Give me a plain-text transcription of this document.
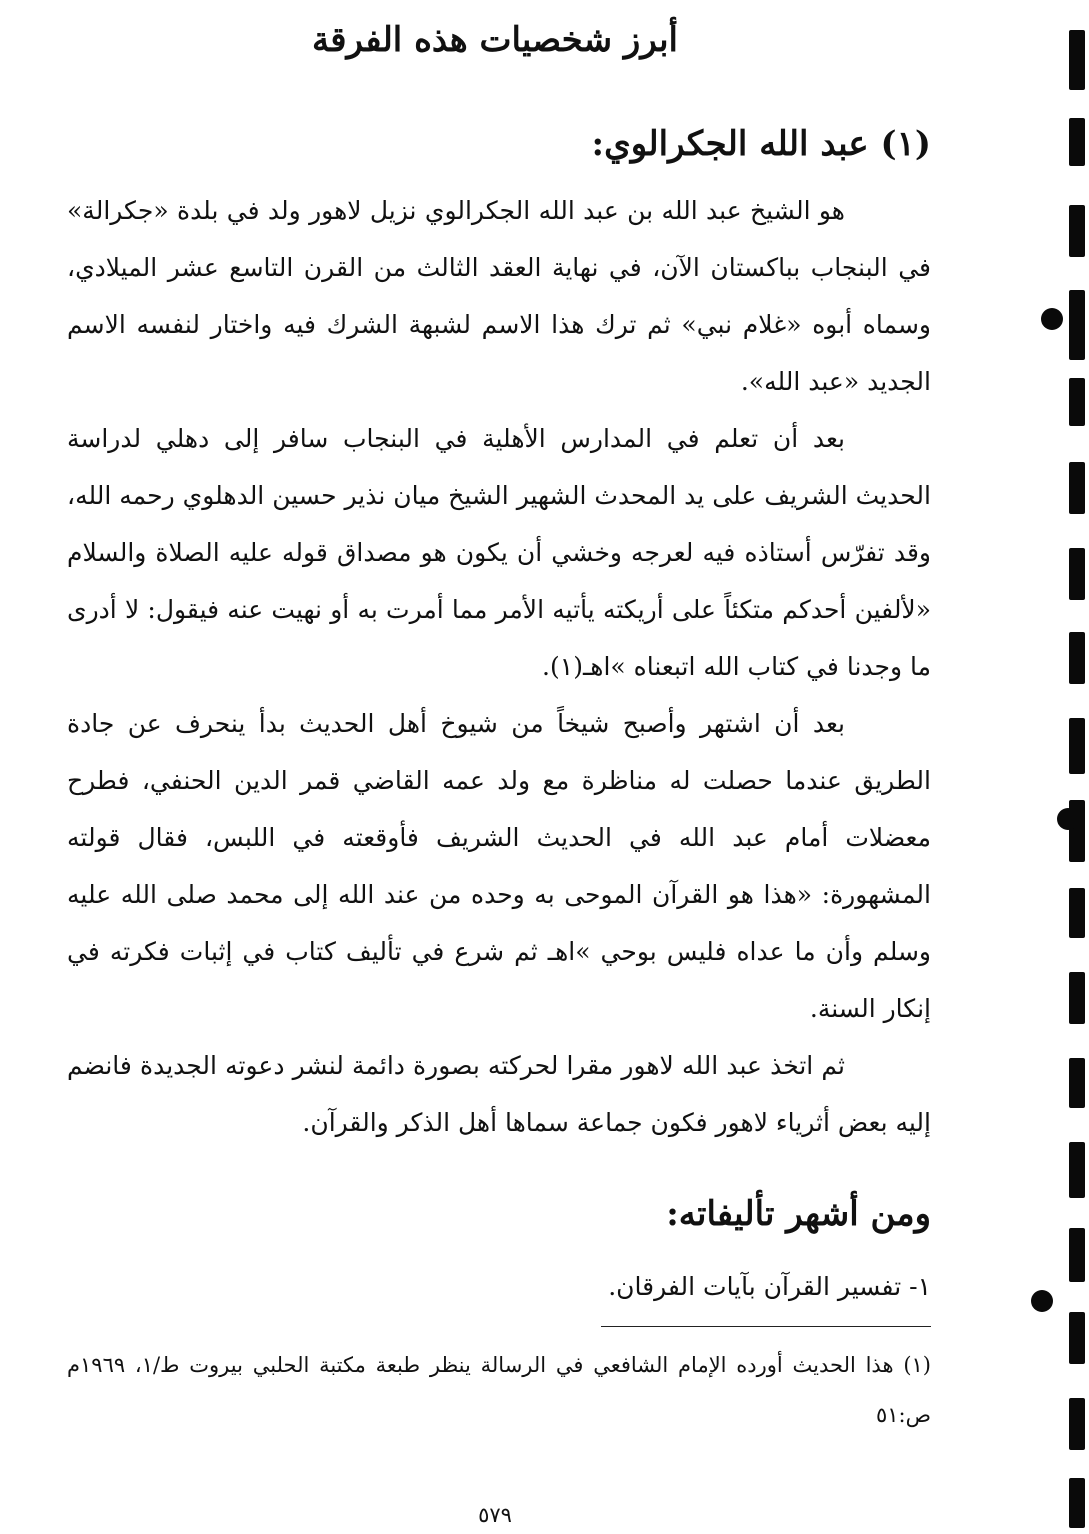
أبرز شخصيات هذه الفرقة
(١) عبد الله الجكرالوي:

هو الشيخ عبد الله بن عبد الله الجكرالوي نزيل لاهور ولد في بلدة «جكرالة» في البنجاب بباكستان الآن، في نهاية العقد الثالث من القرن التاسع عشر الميلادي، وسماه أبوه «غلام نبي» ثم ترك هذا الاسم لشبهة الشرك فيه واختار لنفسه الاسم الجديد «عبد الله».

بعد أن تعلم في المدارس الأهلية في البنجاب سافر إلى دهلي لدراسة الحديث الشريف على يد المحدث الشهير الشيخ ميان نذير حسين الدهلوي رحمه الله، وقد تفرّس أستاذه فيه لعرجه وخشي أن يكون هو مصداق قوله عليه الصلاة والسلام «لألفين أحدكم متكئاً على أريكته يأتيه الأمر مما أمرت به أو نهيت عنه فيقول: لا أدرى ما وجدنا في كتاب الله اتبعناه »اهـ(١).

بعد أن اشتهر وأصبح شيخاً من شيوخ أهل الحديث بدأ ينحرف عن جادة الطريق عندما حصلت له مناظرة مع ولد عمه القاضي قمر الدين الحنفي، فطرح معضلات أمام عبد الله في الحديث الشريف فأوقعته في اللبس، فقال قولته المشهورة: «هذا هو القرآن الموحى به وحده من عند الله إلى محمد صلى الله عليه وسلم وأن ما عداه فليس بوحي »اهـ ثم شرع في تأليف كتاب في إثبات فكرته في إنكار السنة.

ثم اتخذ عبد الله لاهور مقرا لحركته بصورة دائمة لنشر دعوته الجديدة فانضم إليه بعض أثرياء لاهور فكون جماعة سماها أهل الذكر والقرآن.

ومن أشهر تأليفاته:

١- تفسير القرآن بآيات الفرقان.

(١) هذا الحديث أورده الإمام الشافعي في الرسالة ينظر طبعة مكتبة الحلبي بيروت ط/١، ١٩٦٩م ص:٥١

٥٧٩
